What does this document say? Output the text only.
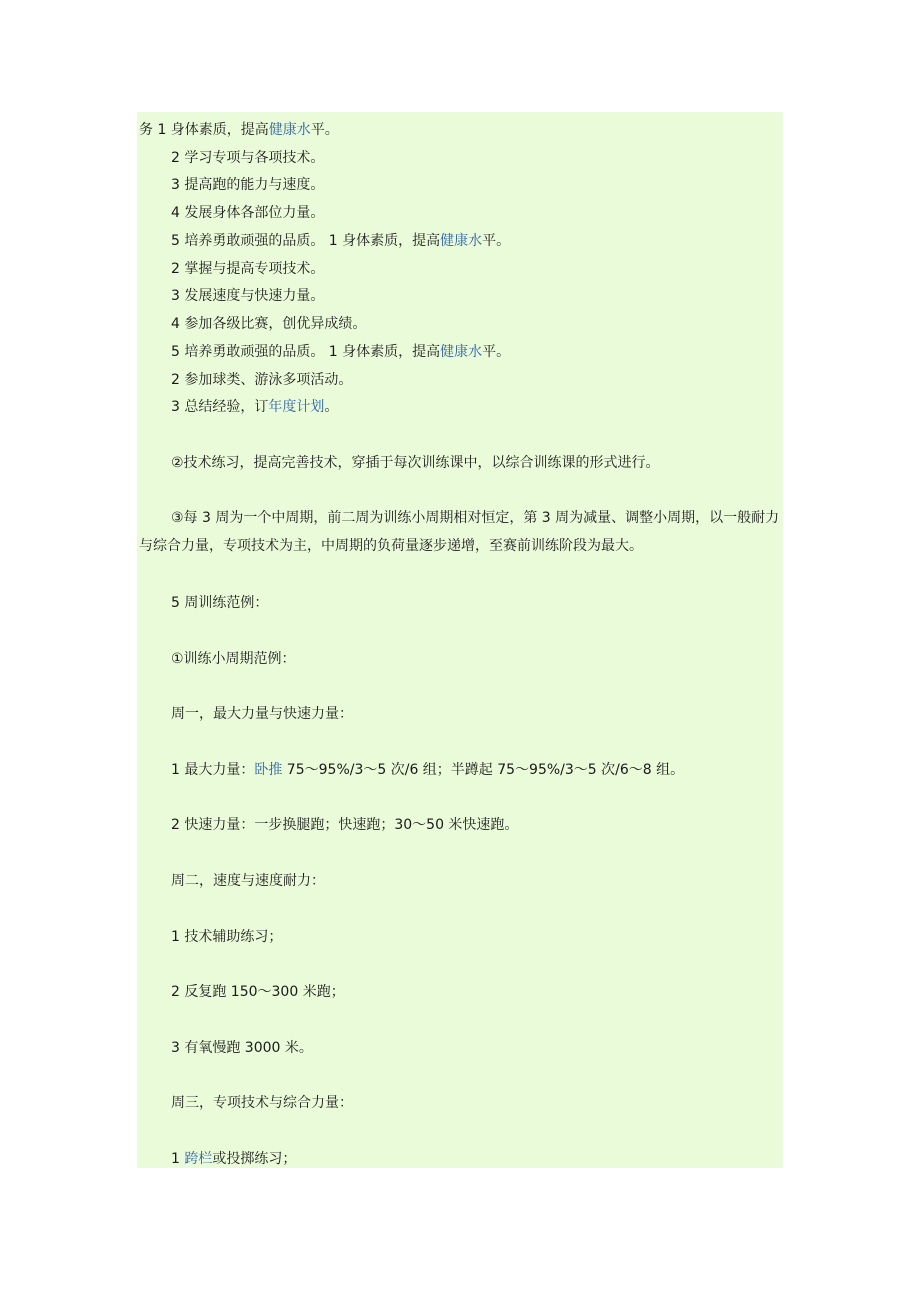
务 1 身体素质，提高健康水平。
2 学习专项与各项技术。
3 提高跑的能力与速度。
4 发展身体各部位力量。
5 培养勇敢顽强的品质。 1 身体素质，提高健康水平。
2 掌握与提高专项技术。
3 发展速度与快速力量。
4 参加各级比赛，创优异成绩。
5 培养勇敢顽强的品质。 1 身体素质，提高健康水平。
2 参加球类、游泳多项活动。
3 总结经验，订年度计划。
②技术练习，提高完善技术，穿插于每次训练课中，以综合训练课的形式进行。
③每 3 周为一个中周期，前二周为训练小周期相对恒定，第 3 周为减量、调整小周期，以一般耐力与综合力量，专项技术为主，中周期的负荷量逐步递增，至赛前训练阶段为最大。
5 周训练范例：
①训练小周期范例：
周一，最大力量与快速力量：
1 最大力量：卧推 75～95%/3～5 次/6 组；半蹲起 75～95%/3～5 次/6～8 组。
2 快速力量：一步换腿跑；快速跑；30～50 米快速跑。
周二，速度与速度耐力：
1 技术辅助练习；
2 反复跑 150～300 米跑；
3 有氧慢跑 3000 米。
周三，专项技术与综合力量：
1 跨栏或投掷练习；
